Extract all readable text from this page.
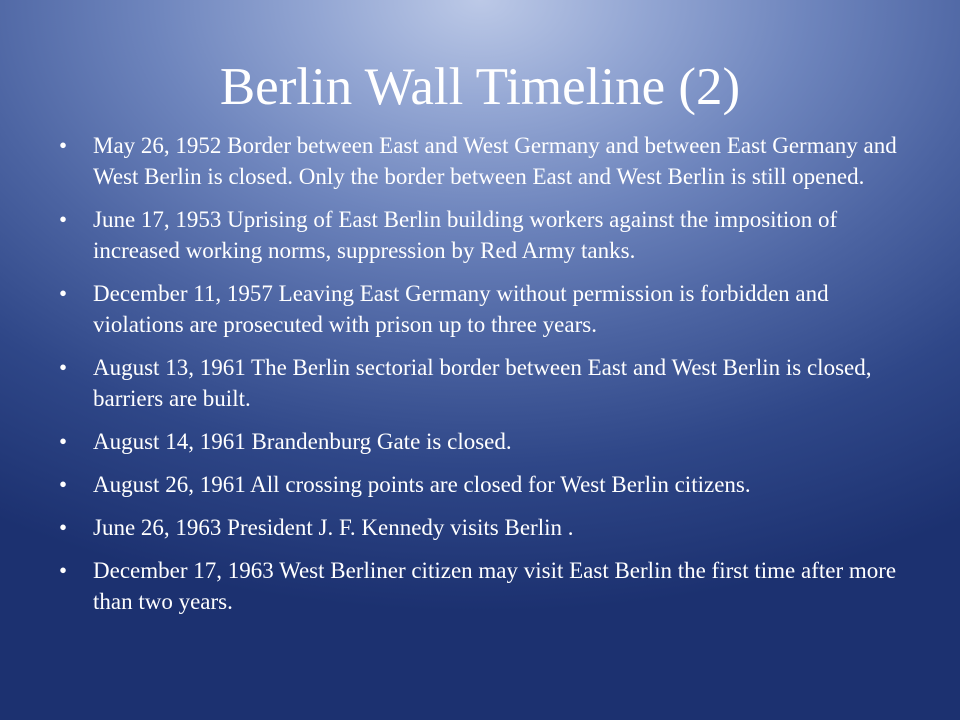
Berlin Wall Timeline (2)
•	May 26, 1952 Border between East and West Germany and between East Germany and West Berlin is closed. Only the border between East and West Berlin is still opened.
•	June 17, 1953 Uprising of East Berlin building workers against the imposition of increased working norms, suppression by Red Army tanks.
•	December 11, 1957 Leaving East Germany without permission is forbidden and violations are prosecuted with prison up to three years.
•	August 13, 1961 The Berlin sectorial border between East and West Berlin is closed, barriers are built.
•	August 14, 1961 Brandenburg Gate is closed.
•	August 26, 1961 All crossing points are closed for West Berlin citizens.
•	June 26, 1963 President J. F. Kennedy visits Berlin .
•	December 17, 1963 West Berliner citizen may visit East Berlin the first time after more than two years.
